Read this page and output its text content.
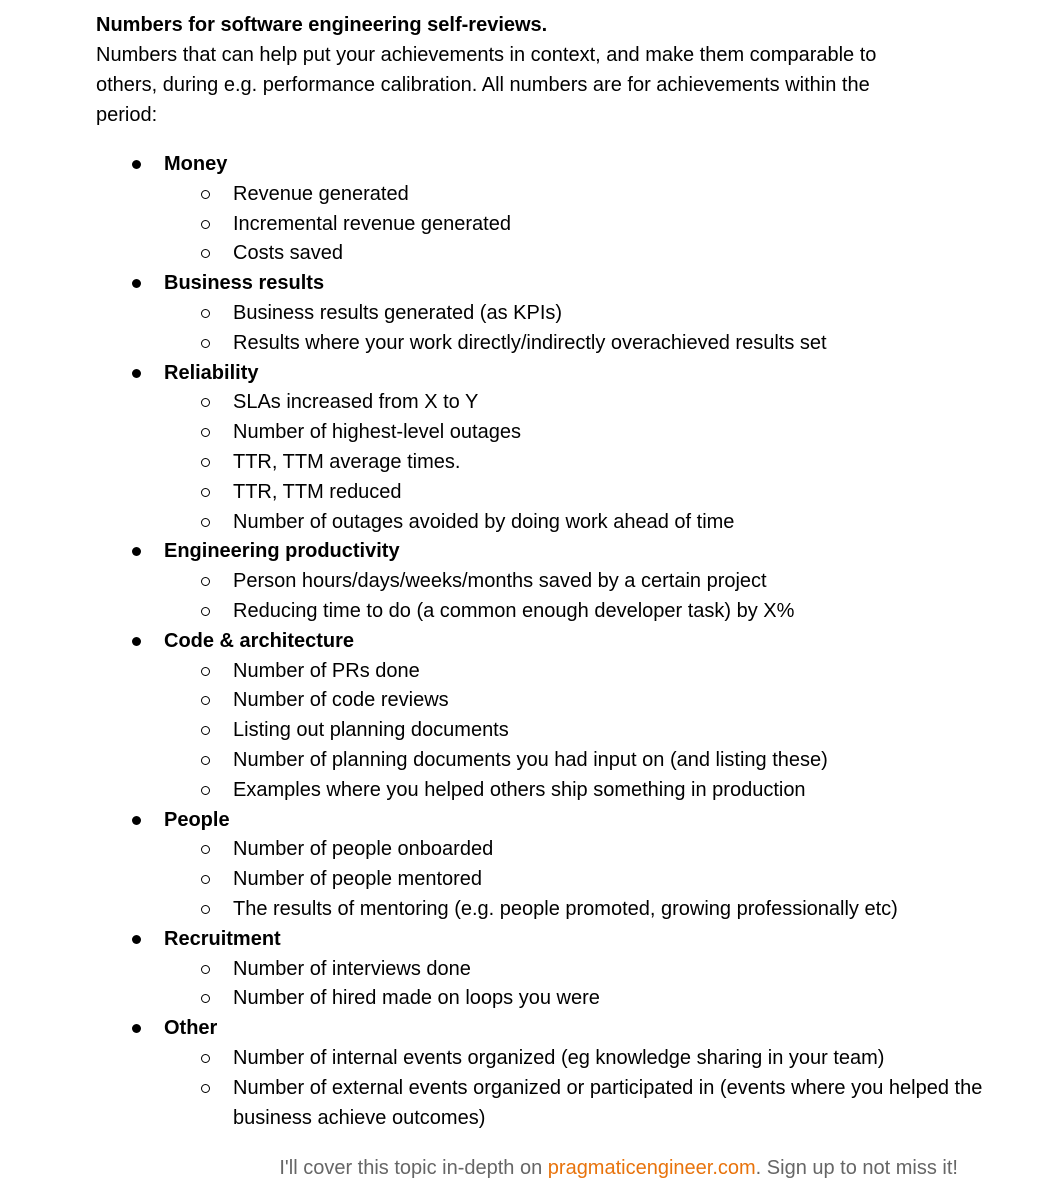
Numbers for software engineering self-reviews.

Numbers that can help put your achievements in context, and make them comparable to others, during e.g. performance calibration. All numbers are for achievements within the period:

Money
Revenue generated
Incremental revenue generated
Costs saved
Business results
Business results generated (as KPIs)
Results where your work directly/indirectly overachieved results set
Reliability
SLAs increased from X to Y
Number of highest-level outages
TTR, TTM average times.
TTR, TTM reduced
Number of outages avoided by doing work ahead of time
Engineering productivity
Person hours/days/weeks/months saved by a certain project
Reducing time to do (a common enough developer task) by X%
Code & architecture
Number of PRs done
Number of code reviews
Listing out planning documents
Number of planning documents you had input on (and listing these)
Examples where you helped others ship something in production
People
Number of people onboarded
Number of people mentored
The results of mentoring (e.g. people promoted, growing professionally etc)
Recruitment
Number of interviews done
Number of hired made on loops you were
Other
Number of internal events organized (eg knowledge sharing in your team)
Number of external events organized or participated in (events where you helped the business achieve outcomes)
I'll cover this topic in-depth on pragmaticengineer.com. Sign up to not miss it!
